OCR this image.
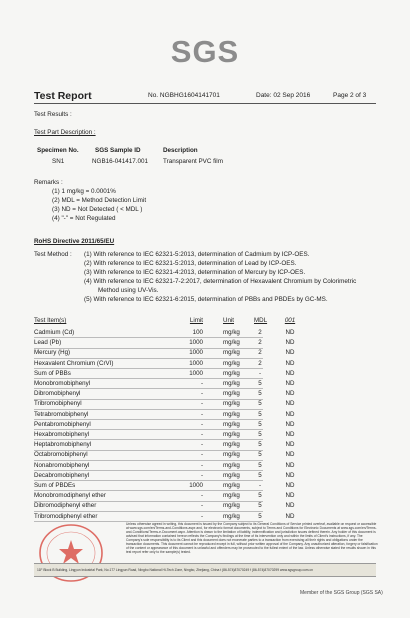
SGS
Test Report	No. NGBHG1604141701	Date: 02 Sep 2016	Page 2 of 3
Test Results :
Test Part Description :
Specimen No.	SGS Sample ID	Description
SN1	NGB16-041417.001 Transparent PVC film
Remarks :
(1) 1 mg/kg = 0.0001%
(2) MDL = Method Detection Limit
(3) ND = Not Detected ( < MDL )
(4) "-" = Not Regulated
RoHS Directive 2011/65/EU
Test Method : (1) With reference to IEC 62321-5:2013, determination of Cadmium by ICP-OES.
(2) With reference to IEC 62321-5:2013, determination of Lead by ICP-OES.
(3) With reference to IEC 62321-4:2013, determination of Mercury by ICP-OES.
(4) With reference to IEC 62321-7-2:2017, determination of Hexavalent Chromium by Colorimetric
Method using UV-Vis.
(5) With reference to IEC 62321-6:2015, determination of PBBs and PBDEs by GC-MS.
Test Item(s)	Limit	Unit	MDL	001
Cadmium (Cd)	100	mg/kg	2	ND
Lead (Pb)	1000	mg/kg	2	ND
Mercury (Hg)	1000	mg/kg	2	ND
Hexavalent Chromium (CrVI)	1000	mg/kg	2	ND
Sum of PBBs	1000	mg/kg	-	ND
Monobromobiphenyl	-	mg/kg	5	ND
Dibromobiphenyl	-	mg/kg	5	ND
Tribromobiphenyl	-	mg/kg	5	ND
Tetrabromobiphenyl	-	mg/kg	5	ND
Pentabromobiphenyl	-	mg/kg	5	ND
Hexabromobiphenyl	-	mg/kg	5	ND
Heptabromobiphenyl	-	mg/kg	5	ND
Octabromobiphenyl	-	mg/kg	5	ND
Nonabromobiphenyl	-	mg/kg	5	ND
Decabromobiphenyl	-	mg/kg	5	ND
Sum of PBDEs	1000	mg/kg	-	ND
Monobromodiphenyl ether	-	mg/kg	5	ND
Dibromodiphenyl ether	-	mg/kg	5	ND
Tribromodiphenyl ether	-	mg/kg	5	ND
Unless otherwise agreed in writing, this document is issued by the Company subject to its General Conditions of Service printed overleaf, available on request or accessible at www.sgs.com/en/Terms-and-Conditions.aspx and, for electronic format documents, subject to Terms and Conditions for Electronic Documents at www.sgs.com/en/Terms-and-Conditions/Terms-e-Document.aspx. Attention is drawn to the limitation of liability, indemnification and jurisdiction issues defined therein. Any holder of this document is advised that information contained hereon reflects the Company's findings at the time of its intervention only and within the limits of Client's instructions, if any. The Company's sole responsibility is to its Client and this document does not exonerate parties to a transaction from exercising all their rights and obligations under the transaction documents. This document cannot be reproduced except in full, without prior written approval of the Company. Any unauthorized alteration, forgery or falsification of the content or appearance of this document is unlawful and offenders may be prosecuted to the fullest extent of the law. Unless otherwise stated the results shown in this test report refer only to the sample(s) tested.
11F Block B Building, Lingyun Industrial Park, No.177 Lingyun Road, Ningbo National Hi-Tech Zone, Ningbo, Zhejiang, China t (86-574)87070249 f (86-574)87070299 www.sgsgroup.com.cn
Member of the SGS Group (SGS SA)
